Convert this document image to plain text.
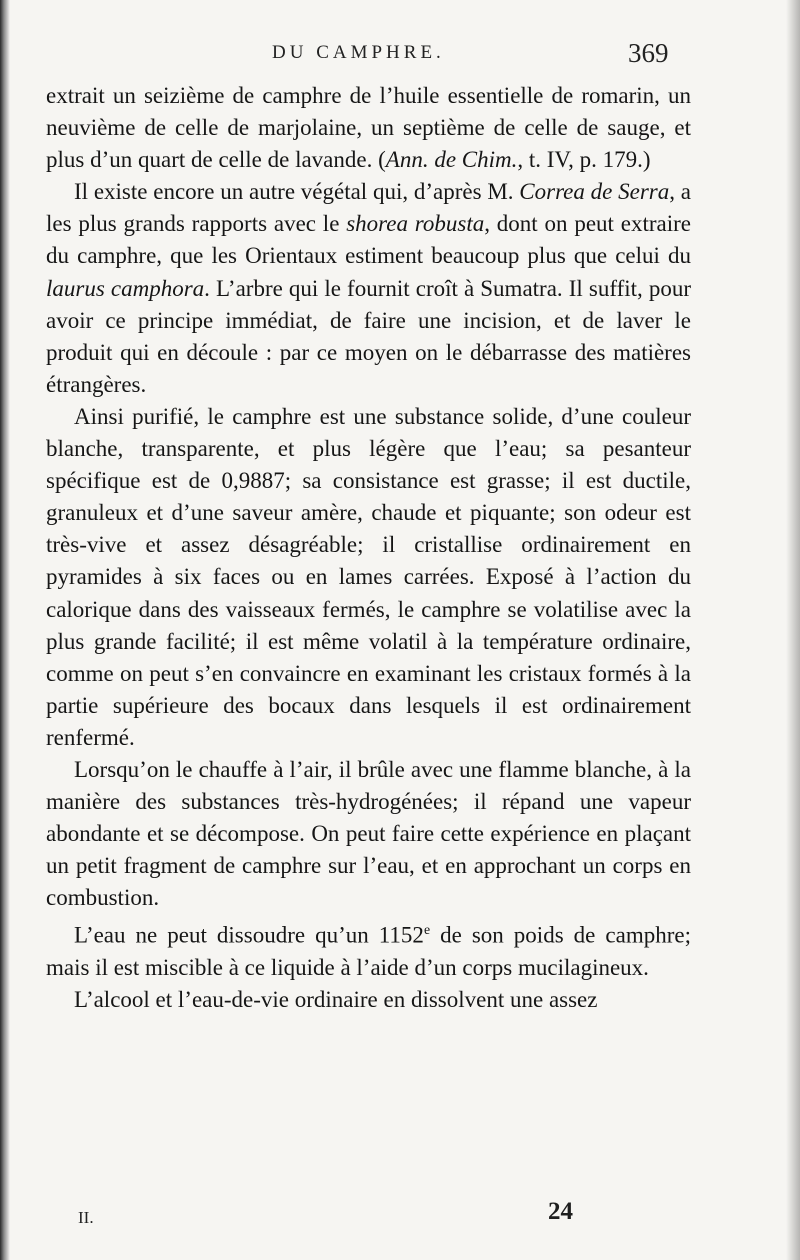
DU CAMPHRE.	369

extrait un seizième de camphre de l’huile essentielle de romarin, un neuvième de celle de marjolaine, un septième de celle de sauge, et plus d’un quart de celle de lavande. (Ann. de Chim., t. IV, p. 179.)

Il existe encore un autre végétal qui, d’après M. Correa de Serra, a les plus grands rapports avec le shorea robusta, dont on peut extraire du camphre, que les Orientaux estiment beaucoup plus que celui du laurus camphora. L’arbre qui le fournit croît à Sumatra. Il suffit, pour avoir ce principe immédiat, de faire une incision, et de laver le produit qui en découle : par ce moyen on le débarrasse des matières étrangères.

Ainsi purifié, le camphre est une substance solide, d’une couleur blanche, transparente, et plus légère que l’eau; sa pesanteur spécifique est de 0,9887; sa consistance est grasse; il est ductile, granuleux et d’une saveur amère, chaude et piquante; son odeur est très-vive et assez désagréable; il cristallise ordinairement en pyramides à six faces ou en lames carrées. Exposé à l’action du calorique dans des vaisseaux fermés, le camphre se volatilise avec la plus grande facilité; il est même volatil à la température ordinaire, comme on peut s’en convaincre en examinant les cristaux formés à la partie supérieure des bocaux dans lesquels il est ordinairement renfermé.

Lorsqu’on le chauffe à l’air, il brûle avec une flamme blanche, à la manière des substances très-hydrogénées; il répand une vapeur abondante et se décompose. On peut faire cette expérience en plaçant un petit fragment de camphre sur l’eau, et en approchant un corps en combustion.

L’eau ne peut dissoudre qu’un 1152e de son poids de camphre; mais il est miscible à ce liquide à l’aide d’un corps mucilagineux.

L’alcool et l’eau-de-vie ordinaire en dissolvent une assez

II.	24
